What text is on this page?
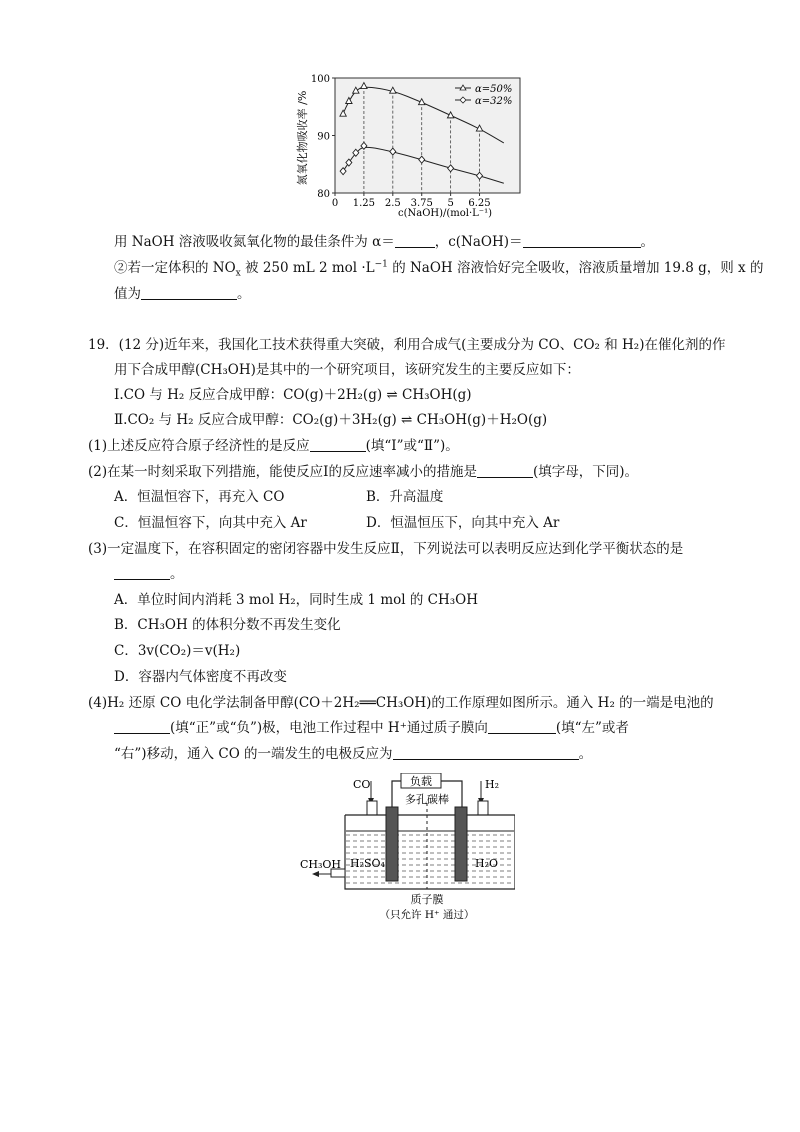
80
90
100
0 1.25 2.5 3.75 5 6.25
α=50%
α=32%
氮氧化物吸收率 /%
c(NaOH)/(mol·L⁻¹)
用 NaOH 溶液吸收氮氧化物的最佳条件为 α＝	，c(NaOH)＝	。
②若一定体积的 $NO_x$ 被 250 mL 2 mol $\cdot L^{-1}$ 的 NaOH 溶液恰好完全吸收，溶液质量增加 19.8 g，则 x 的
值为	。
19．(12 分)近年来，我国化工技术获得重大突破，利用合成气(主要成分为 CO、CO₂ 和 H₂)在催化剂的作
用下合成甲醇(CH₃OH)是其中的一个研究项目，该研究发生的主要反应如下：
Ⅰ.CO 与 H₂ 反应合成甲醇：CO(g)＋2H₂(g) ⇌ CH₃OH(g)
Ⅱ.CO₂ 与 H₂ 反应合成甲醇：CO₂(g)＋3H₂(g) ⇌ CH₃OH(g)＋H₂O(g)
(1)上述反应符合原子经济性的是反应	(填“Ⅰ”或“Ⅱ”)。
(2)在某一时刻采取下列措施，能使反应Ⅰ的反应速率减小的措施是	(填字母，下同)。
A．恒温恒容下，再充入 CO	B．升高温度
C．恒温恒容下，向其中充入 Ar	D．恒温恒压下，向其中充入 Ar
(3)一定温度下，在容积固定的密闭容器中发生反应Ⅱ，下列说法可以表明反应达到化学平衡状态的是
。
A．单位时间内消耗 3 mol H₂，同时生成 1 mol 的 CH₃OH
B．CH₃OH 的体积分数不再发生变化
C．3v(CO₂)＝v(H₂)
D．容器内气体密度不再改变
(4)H₂ 还原 CO 电化学法制备甲醇(CO＋2H₂══CH₃OH)的工作原理如图所示。通入 H₂ 的一端是电池的
(填“正”或“负”)极，电池工作过程中 H⁺通过质子膜向	(填“左”或者
“右”)移动，通入 CO 的一端发生的电极反应为	。
负载
多孔碳棒
CO	H₂
H₂SO₄	H₂O
CH₃OH
质子膜
（只允许 H⁺ 通过）
